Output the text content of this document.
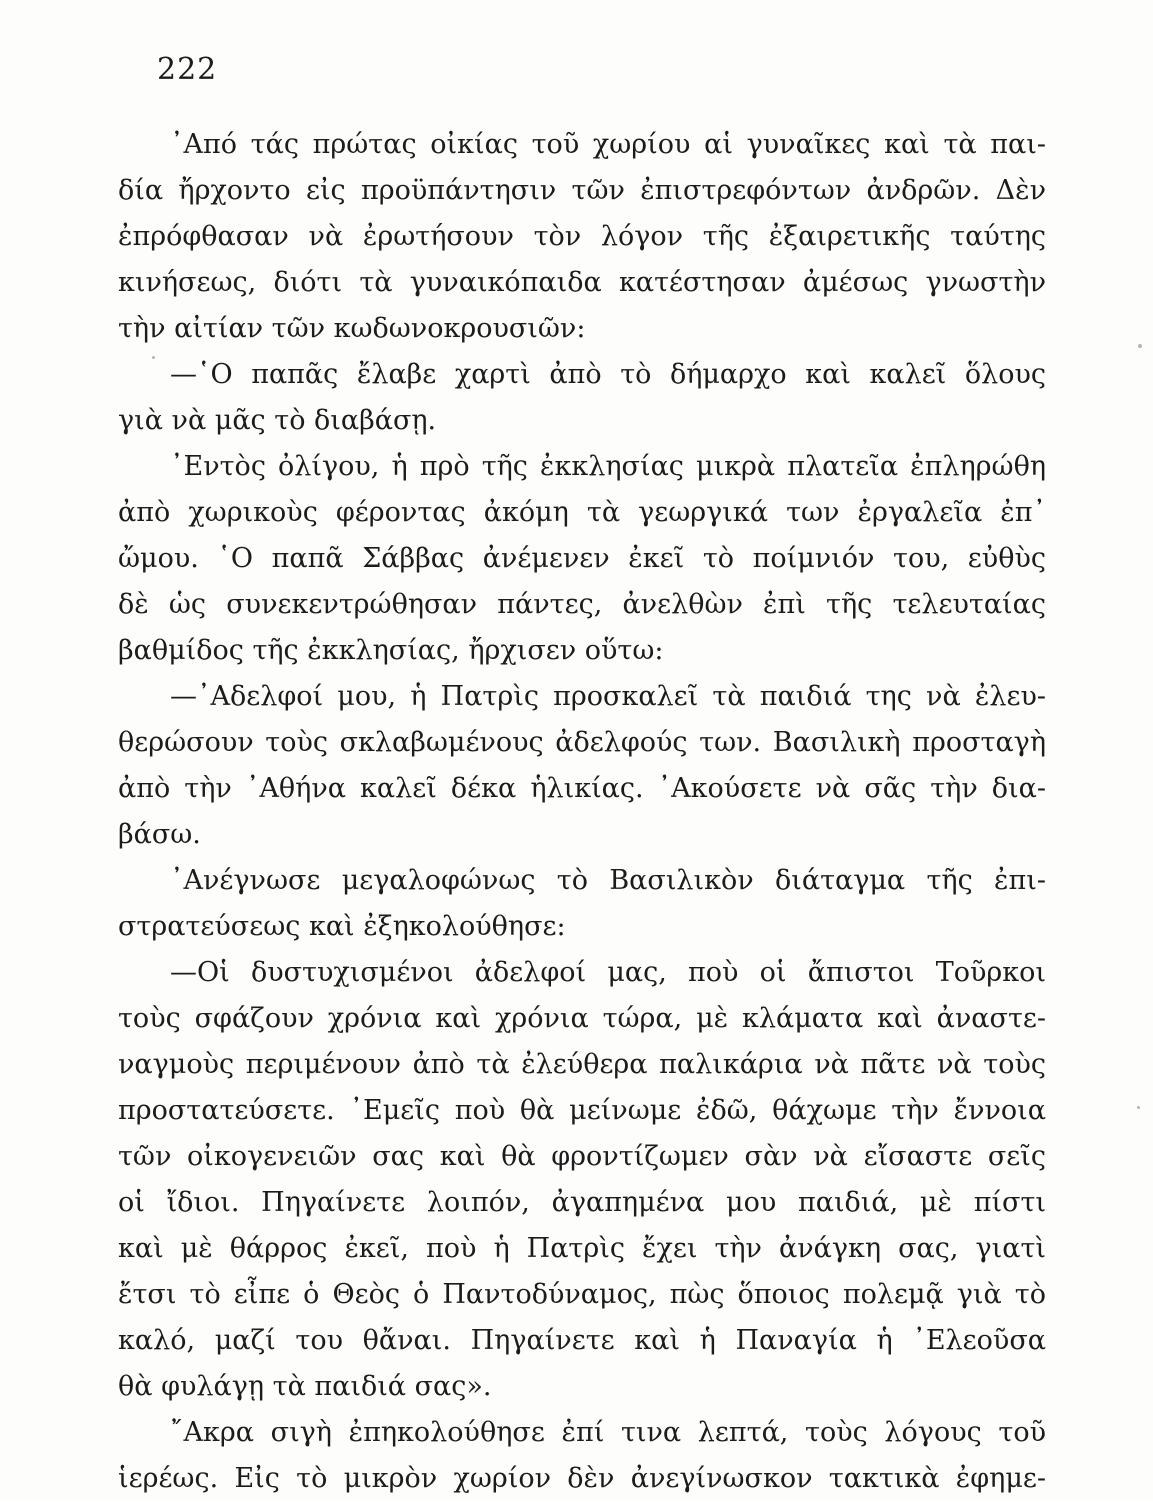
222
᾽Από τάς πρώτας οἰκίας τοῦ χωρίου αἱ γυναῖκες καὶ τὰ παι-
δία ἤρχοντο εἰς προϋπάντησιν τῶν ἐπιστρεφόντων ἀνδρῶν. Δὲν
ἐπρόφθασαν νὰ ἐρωτήσουν τὸν λόγον τῆς ἐξαιρετικῆς ταύτης
κινήσεως, διότι τὰ γυναικόπαιδα κατέστησαν ἀμέσως γνωστὴν
τὴν αἰτίαν τῶν κωδωνοκρουσιῶν:
—῾Ο παπᾶς ἔλαβε χαρτὶ ἀπὸ τὸ δήμαρχο καὶ καλεῖ ὅλους
γιὰ νὰ μᾶς τὸ διαβάσῃ.
᾽Εντὸς ὀλίγου, ἡ πρὸ τῆς ἐκκλησίας μικρὰ πλατεῖα ἐπληρώθη
ἀπὸ χωρικοὺς φέροντας ἀκόμη τὰ γεωργικά των ἐργαλεῖα ἐπ᾽
ὤμου. ῾Ο παπᾶ Σάββας ἀνέμενεν ἐκεῖ τὸ ποίμνιόν του, εὐθὺς
δὲ ὡς συνεκεντρώθησαν πάντες, ἀνελθὼν ἐπὶ τῆς τελευταίας
βαθμίδος τῆς ἐκκλησίας, ἤρχισεν οὕτω:
—᾽Αδελφοί μου, ἡ Πατρὶς προσκαλεῖ τὰ παιδιά της νὰ ἐλευ-
θερώσουν τοὺς σκλαβωμένους ἀδελφούς των. Βασιλικὴ προσταγὴ
ἀπὸ τὴν ᾽Αθήνα καλεῖ δέκα ἡλικίας. ᾽Ακούσετε νὰ σᾶς τὴν δια-
βάσω.
᾽Ανέγνωσε μεγαλοφώνως τὸ Βασιλικὸν διάταγμα τῆς ἐπι-
στρατεύσεως καὶ ἐξηκολούθησε:
—Οἱ δυστυχισμένοι ἀδελφοί μας, ποὺ οἱ ἄπιστοι Τοῦρκοι
τοὺς σφάζουν χρόνια καὶ χρόνια τώρα, μὲ κλάματα καὶ ἀναστε-
ναγμοὺς περιμένουν ἀπὸ τὰ ἐλεύθερα παλικάρια νὰ πᾶτε νὰ τοὺς
προστατεύσετε. ᾽Εμεῖς ποὺ θὰ μείνωμε ἐδῶ, θάχωμε τὴν ἔννοια
τῶν οἰκογενειῶν σας καὶ θὰ φροντίζωμεν σὰν νὰ εἴσαστε σεῖς
οἱ ἴδιοι. Πηγαίνετε λοιπόν, ἀγαπημένα μου παιδιά, μὲ πίστι
καὶ μὲ θάρρος ἐκεῖ, ποὺ ἡ Πατρὶς ἔχει τὴν ἀνάγκη σας, γιατὶ
ἔτσι τὸ εἶπε ὁ Θεὸς ὁ Παντοδύναμος, πὼς ὅποιος πολεμᾷ γιὰ τὸ
καλό, μαζί του θἄναι. Πηγαίνετε καὶ ἡ Παναγία ἡ ᾽Ελεοῦσα
θὰ φυλάγῃ τὰ παιδιά σας».
῎Ακρα σιγὴ ἐπηκολούθησε ἐπί τινα λεπτά, τοὺς λόγους τοῦ
ἱερέως. Εἰς τὸ μικρὸν χωρίον δὲν ἀνεγίνωσκον τακτικὰ ἐφημε-
